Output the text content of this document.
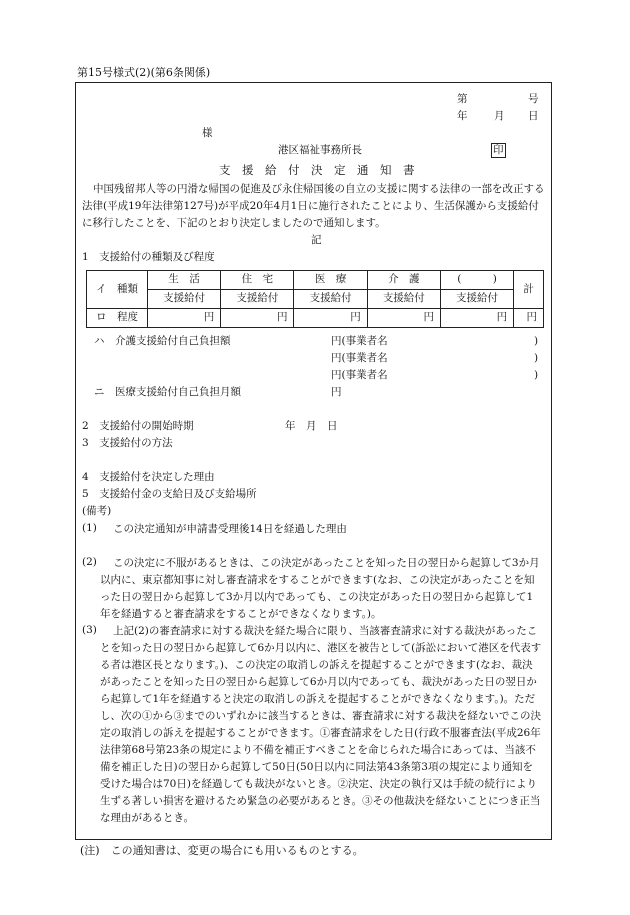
第15号様式(2)(第6条関係)
第	号
年	月 日
様
港区福祉事務所長	印
支　援　給　付　決　定　通　知　書
中国残留邦人等の円滑な帰国の促進及び永住帰国後の自立の支援に関する法律の一部を改正する法律(平成19年法律第127号)が平成20年4月1日に施行されたことにより、生活保護から支援給付に移行したことを、下記のとおり決定しましたので通知します。
記
1　支援給付の種類及び程度
イ　種類	生　活	住　宅	医　療	介　護	(　　　)	計
	支援給付	支援給付	支援給付	支援給付	支援給付	
ロ　程度	円	円	円	円	円	円
ハ　介護支援給付自己負担額	円(事業者名	)
円(事業者名	)
円(事業者名	)
ニ　医療支援給付自己負担月額	円
2　支援給付の開始時期	年　月　日
3　支援給付の方法
4　支援給付を決定した理由
5　支援給付金の支給日及び支給場所
(備考)
(1) この決定通知が申請書受理後14日を経過した理由
(2)	この決定に不服があるときは、この決定があったことを知った日の翌日から起算して3か月以内に、東京都知事に対し審査請求をすることができます(なお、この決定があったことを知った日の翌日から起算して3か月以内であっても、この決定があった日の翌日から起算して1年を経過すると審査請求をすることができなくなります。)。
(3)	上記(2)の審査請求に対する裁決を経た場合に限り、当該審査請求に対する裁決があったことを知った日の翌日から起算して6か月以内に、港区を被告として(訴訟において港区を代表する者は港区長となります。)、この決定の取消しの訴えを提起することができます(なお、裁決があったことを知った日の翌日から起算して6か月以内であっても、裁決があった日の翌日から起算して1年を経過すると決定の取消しの訴えを提起することができなくなります。)。ただし、次の①から③までのいずれかに該当するときは、審査請求に対する裁決を経ないでこの決定の取消しの訴えを提起することができます。①審査請求をした日(行政不服審査法(平成26年法律第68号第23条の規定により不備を補正すべきことを命じられた場合にあっては、当該不備を補正した日)の翌日から起算して50日(50日以内に同法第43条第3項の規定により通知を受けた場合は70日)を経過しても裁決がないとき。②決定、決定の執行又は手続の続行により生ずる著しい損害を避けるため緊急の必要があるとき。③その他裁決を経ないことにつき正当な理由があるとき。
(注)　この通知書は、変更の場合にも用いるものとする。
